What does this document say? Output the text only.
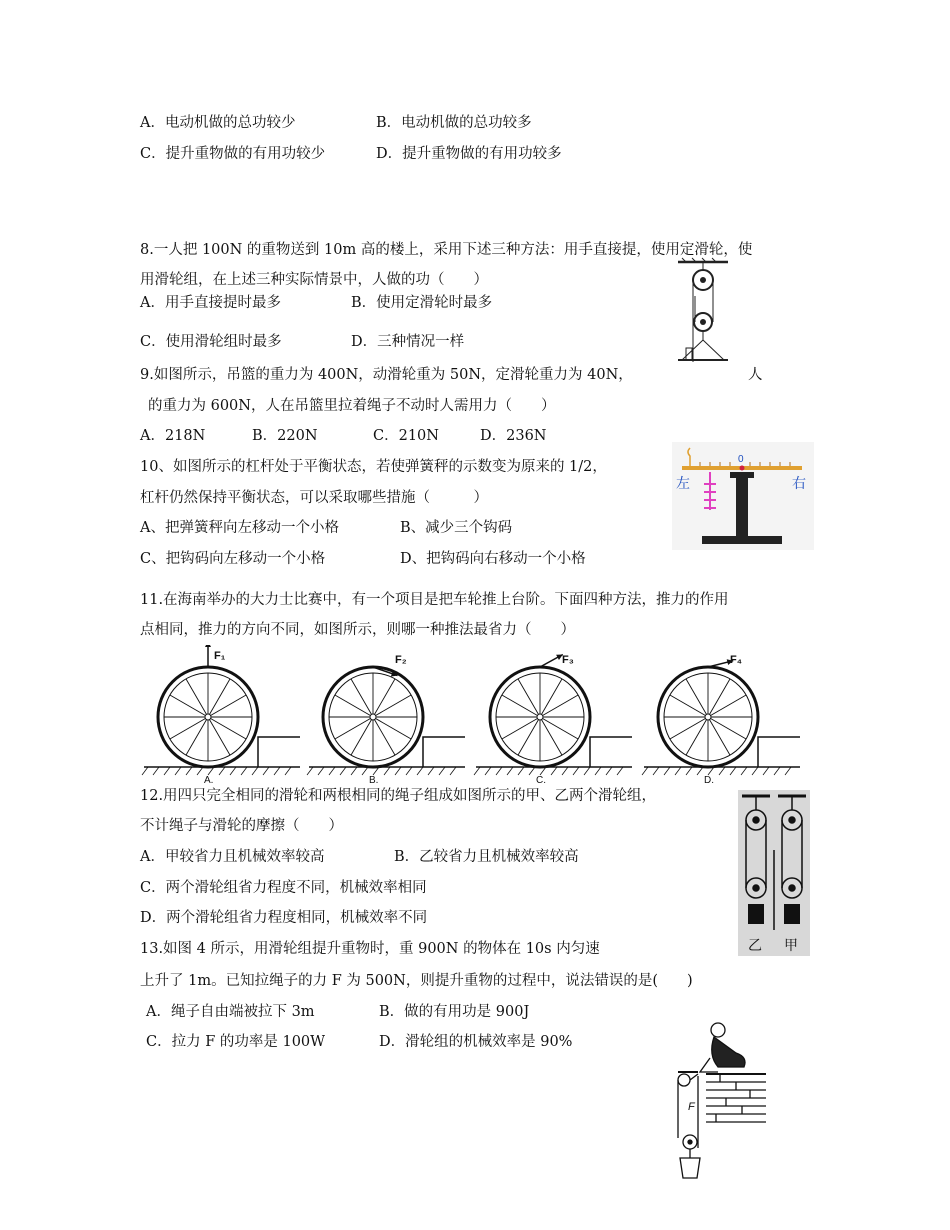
A．电动机做的总功较少	B．电动机做的总功较多
C．提升重物做的有用功较少	D．提升重物做的有用功较多
8.一人把 100N 的重物送到 10m 高的楼上，采用下述三种方法：用手直接提，使用定滑轮，使
用滑轮组，在上述三种实际情景中，人做的功（　　）
A．用手直接提时最多	B．使用定滑轮时最多
C．使用滑轮组时最多	D．三种情况一样
9.如图所示，吊篮的重力为 400N，动滑轮重为 50N，定滑轮重力为 40N，	人
的重力为 600N，人在吊篮里拉着绳子不动时人需用力（　　）
A．218N	B．220N	C．210N	D．236N
0
左	右
10、如图所示的杠杆处于平衡状态，若使弹簧秤的示数变为原来的 1/2，
杠杆仍然保持平衡状态，可以采取哪些措施（　　　）
A、把弹簧秤向左移动一个小格	B、减少三个钩码
C、把钩码向左移动一个小格	D、把钩码向右移动一个小格
11.在海南举办的大力士比赛中，有一个项目是把车轮推上台阶。下面四种方法，推力的作用
点相同，推力的方向不同，如图所示，则哪一种推法最省力（　　）
F₁
A.
F₂
B.
F₃
C.
F₄
D.
乙 甲
12.用四只完全相同的滑轮和两根相同的绳子组成如图所示的甲、乙两个滑轮组，
不计绳子与滑轮的摩擦（　　）
A．甲较省力且机械效率较高	B．乙较省力且机械效率较高
C．两个滑轮组省力程度不同，机械效率相同
D．两个滑轮组省力程度相同，机械效率不同
13.如图 4 所示，用滑轮组提升重物时，重 900N 的物体在 10s 内匀速
上升了 1m。已知拉绳子的力 F 为 500N，则提升重物的过程中，说法错误的是(　　)
A．绳子自由端被拉下 3m	B．做的有用功是 900J
C．拉力 F 的功率是 100W	D．滑轮组的机械效率是 90%
F
